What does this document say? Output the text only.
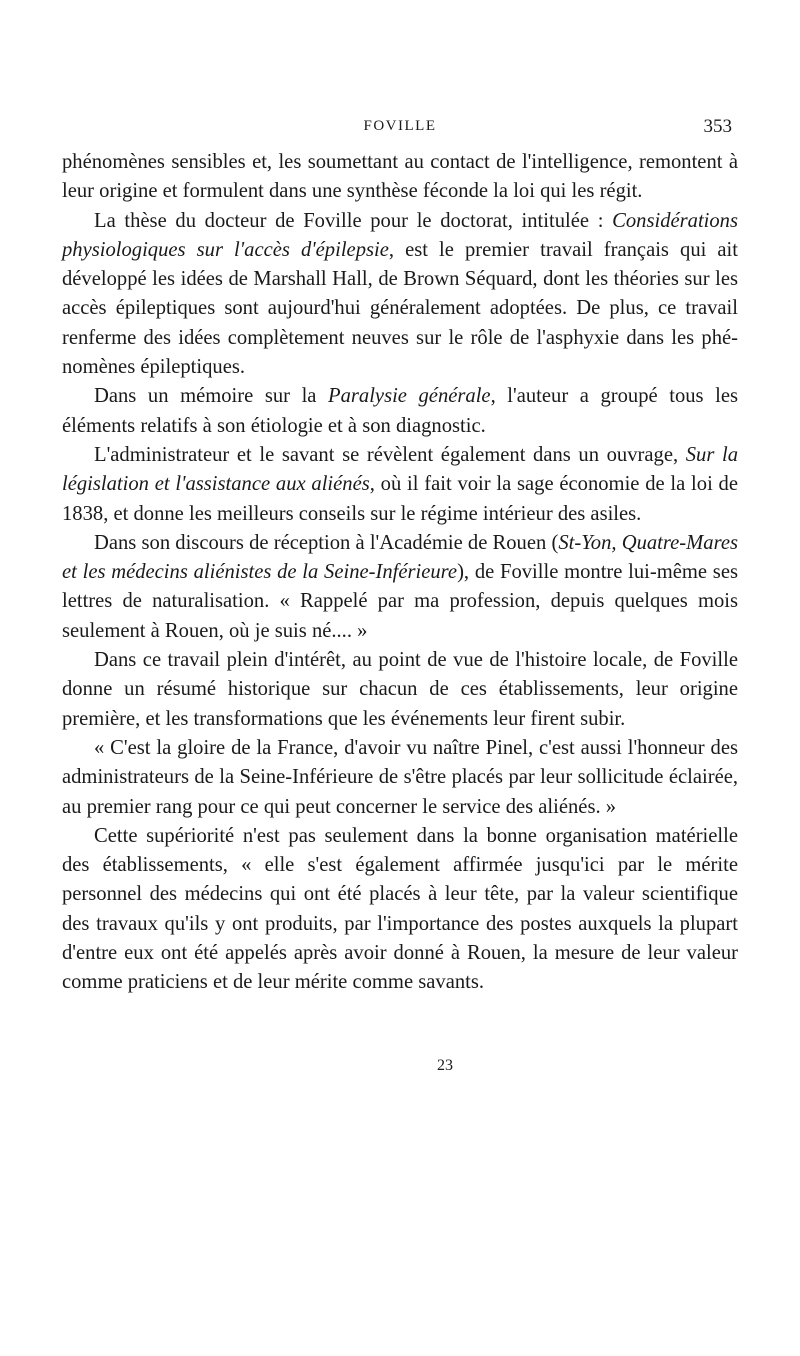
FOVILLE	353

phénomènes sensibles et, les soumettant au contact de l'intelligence, remontent à leur origine et formulent dans une synthèse féconde la loi qui les régit.

La thèse du docteur de Foville pour le doctorat, intitulée : Considérations physiologiques sur l'accès d'épilepsie, est le premier travail français qui ait développé les idées de Marshall Hall, de Brown Séquard, dont les théories sur les accès épileptiques sont aujourd'hui généralement adoptées. De plus, ce travail renferme des idées complètement neuves sur le rôle de l'asphyxie dans les phénomènes épileptiques.

Dans un mémoire sur la Paralysie générale, l'auteur a groupé tous les éléments relatifs à son étiologie et à son diagnostic.

L'administrateur et le savant se révèlent également dans un ouvrage, Sur la législation et l'assistance aux aliénés, où il fait voir la sage économie de la loi de 1838, et donne les meilleurs conseils sur le régime intérieur des asiles.

Dans son discours de réception à l'Académie de Rouen (St-Yon, Quatre-Mares et les médecins aliénistes de la Seine-Inférieure), de Foville montre lui-même ses lettres de naturalisation. « Rappelé par ma profession, depuis quelques mois seulement à Rouen, où je suis né.... »

Dans ce travail plein d'intérêt, au point de vue de l'histoire locale, de Foville donne un résumé historique sur chacun de ces établissements, leur origine première, et les transformations que les événements leur firent subir.

« C'est la gloire de la France, d'avoir vu naître Pinel, c'est aussi l'honneur des administrateurs de la Seine-Inférieure de s'être placés par leur sollicitude éclairée, au premier rang pour ce qui peut concerner le service des aliénés. »

Cette supériorité n'est pas seulement dans la bonne organisation matérielle des établissements, « elle s'est également affirmée jusqu'ici par le mérite personnel des médecins qui ont été placés à leur tête, par la valeur scientifique des travaux qu'ils y ont produits, par l'importance des postes auxquels la plupart d'entre eux ont été appelés après avoir donné à Rouen, la mesure de leur valeur comme praticiens et de leur mérite comme savants.

23
